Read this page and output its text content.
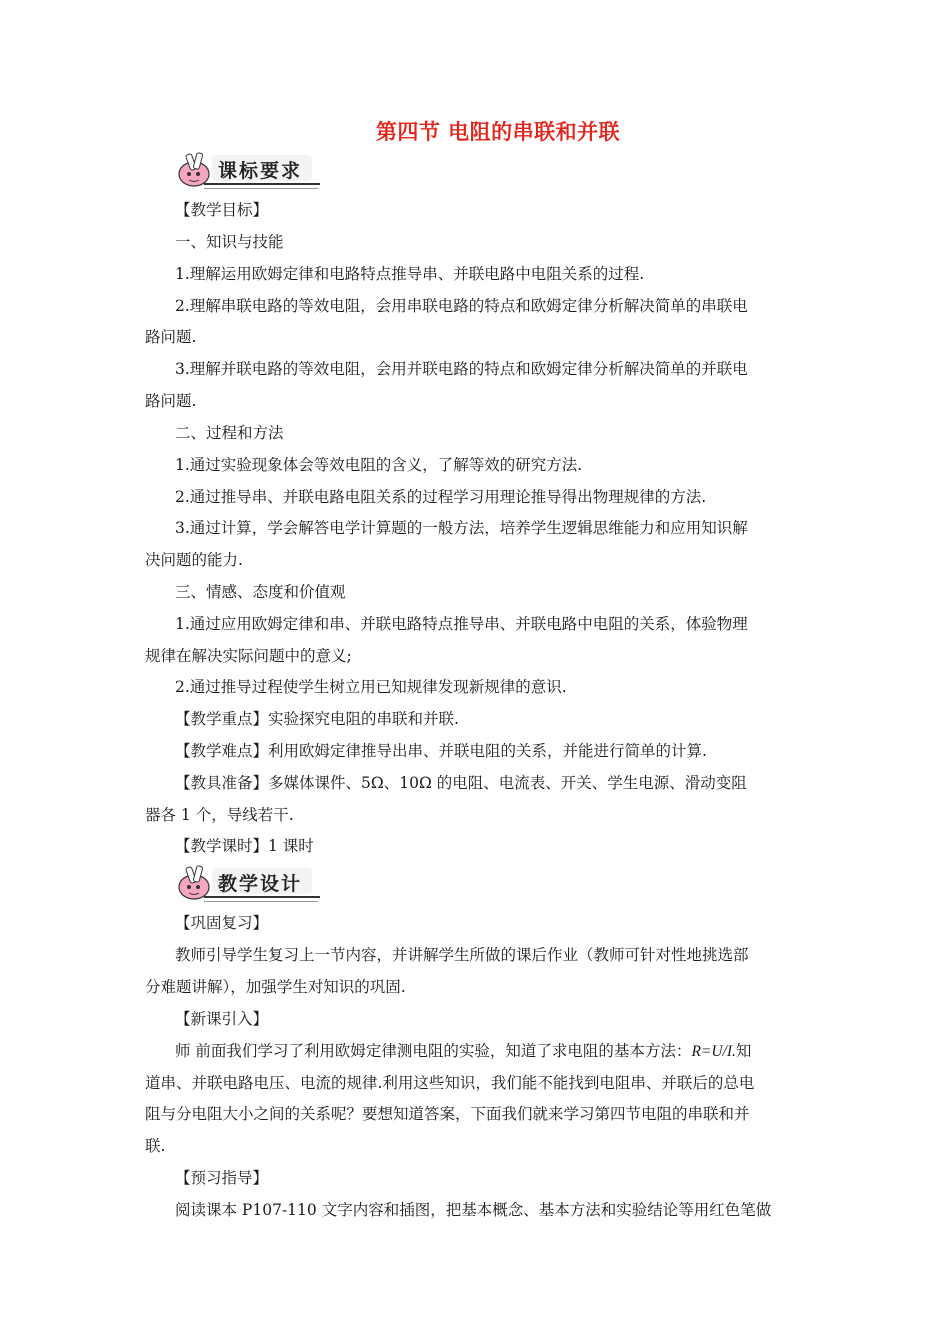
第四节 电阻的串联和并联
课标要求
【教学目标】
一、知识与技能
1.理解运用欧姆定律和电路特点推导串、并联电路中电阻关系的过程.
2.理解串联电路的等效电阻，会用串联电路的特点和欧姆定律分析解决简单的串联电
路问题.
3.理解并联电路的等效电阻，会用并联电路的特点和欧姆定律分析解决简单的并联电
路问题.
二、过程和方法
1.通过实验现象体会等效电阻的含义，了解等效的研究方法.
2.通过推导串、并联电路电阻关系的过程学习用理论推导得出物理规律的方法.
3.通过计算，学会解答电学计算题的一般方法，培养学生逻辑思维能力和应用知识解
决问题的能力.
三、情感、态度和价值观
1.通过应用欧姆定律和串、并联电路特点推导串、并联电路中电阻的关系，体验物理
规律在解决实际问题中的意义;
2.通过推导过程使学生树立用已知规律发现新规律的意识.
【教学重点】实验探究电阻的串联和并联.
【教学难点】利用欧姆定律推导出串、并联电阻的关系，并能进行简单的计算.
【教具准备】多媒体课件、5Ω、10Ω 的电阻、电流表、开关、学生电源、滑动变阻
器各 1 个，导线若干.
【教学课时】1 课时
教学设计
【巩固复习】
教师引导学生复习上一节内容，并讲解学生所做的课后作业（教师可针对性地挑选部
分难题讲解），加强学生对知识的巩固.
【新课引入】
师 前面我们学习了利用欧姆定律测电阻的实验，知道了求电阻的基本方法：R=U/I.知
道串、并联电路电压、电流的规律.利用这些知识，我们能不能找到电阻串、并联后的总电
阻与分电阻大小之间的关系呢？要想知道答案，下面我们就来学习第四节电阻的串联和并
联.
【预习指导】
阅读课本 P107-110 文字内容和插图，把基本概念、基本方法和实验结论等用红色笔做
